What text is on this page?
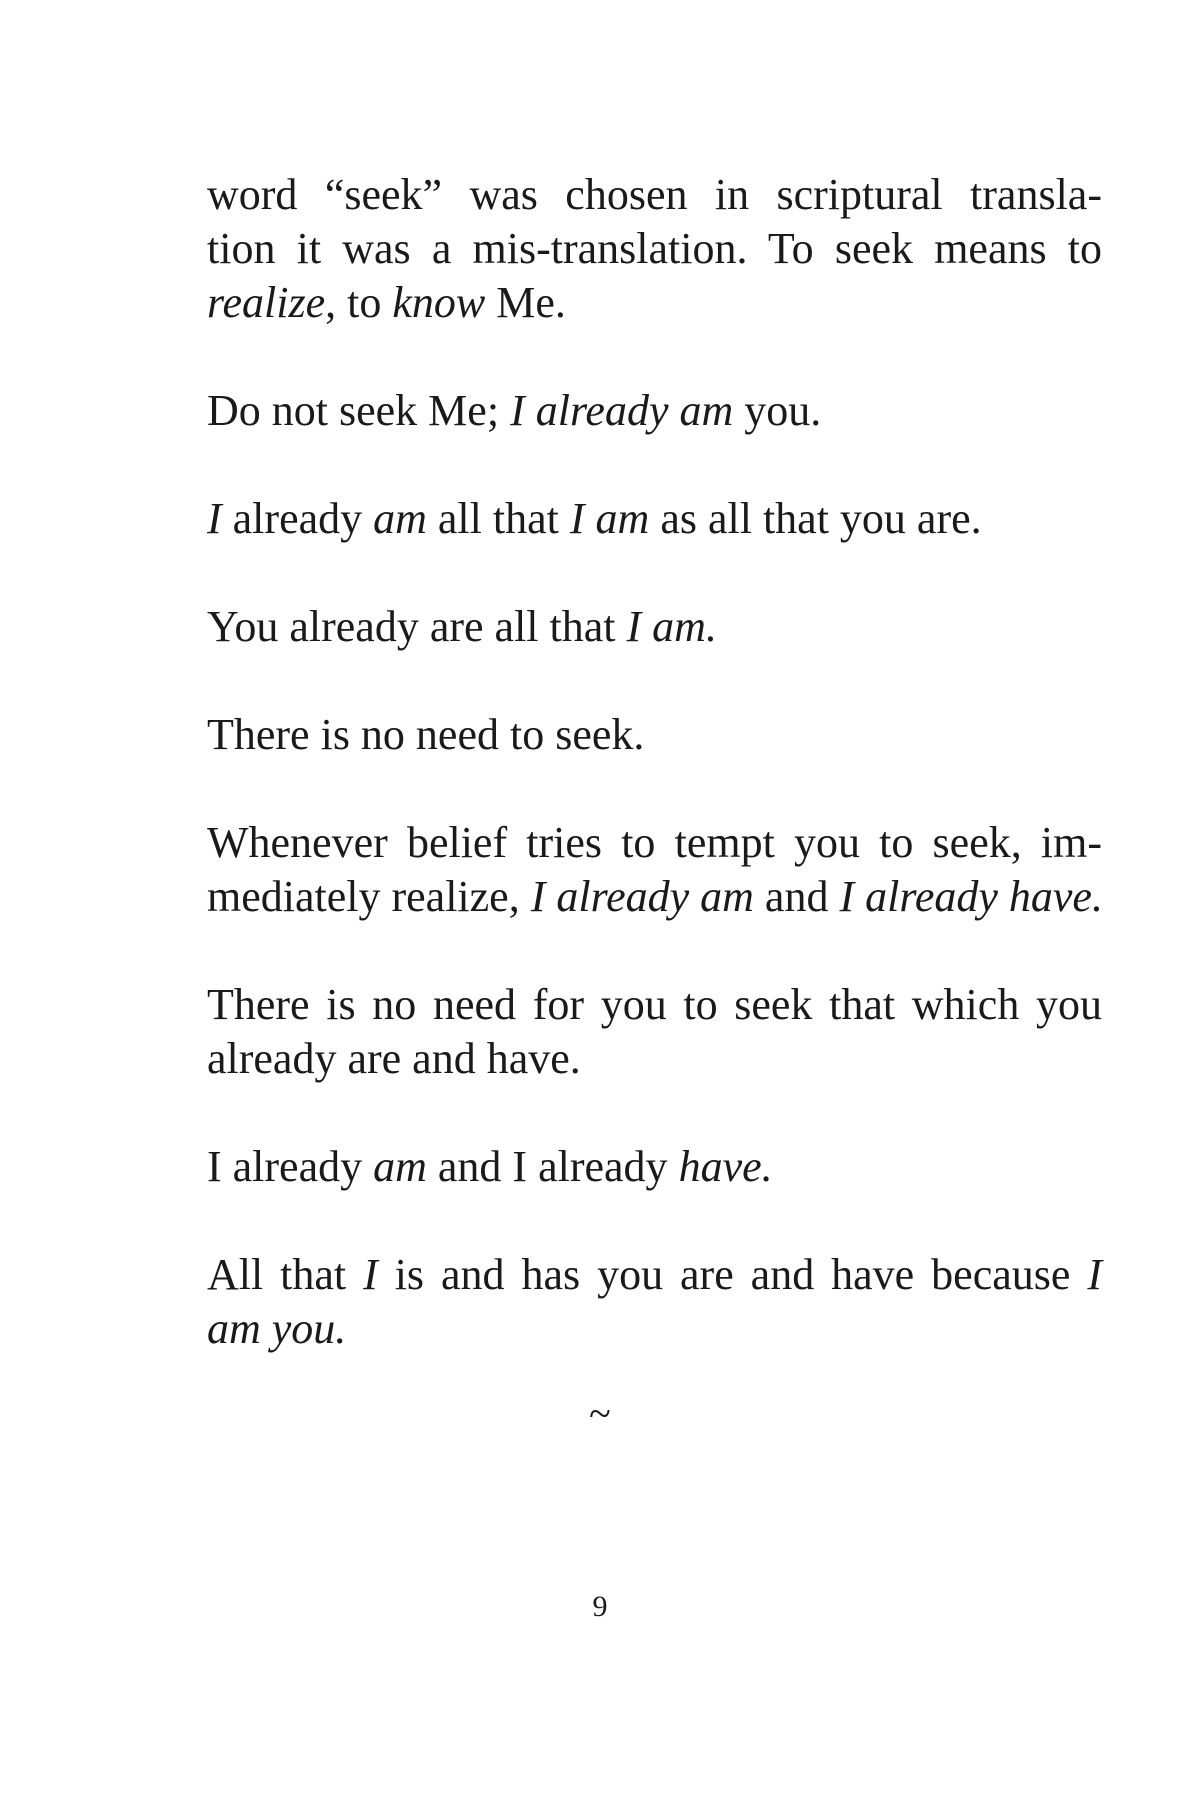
word “seek” was chosen in scriptural transla-
tion it was a mis-translation. To seek means to
realize, to know Me.

Do not seek Me; I already am you.

I already am all that I am as all that you are.

You already are all that I am.

There is no need to seek.

Whenever belief tries to tempt you to seek, im-
mediately realize, I already am and I already have.

There is no need for you to seek that which you
already are and have.

I already am and I already have.

All that I is and has you are and have because I
am you.

~
9
